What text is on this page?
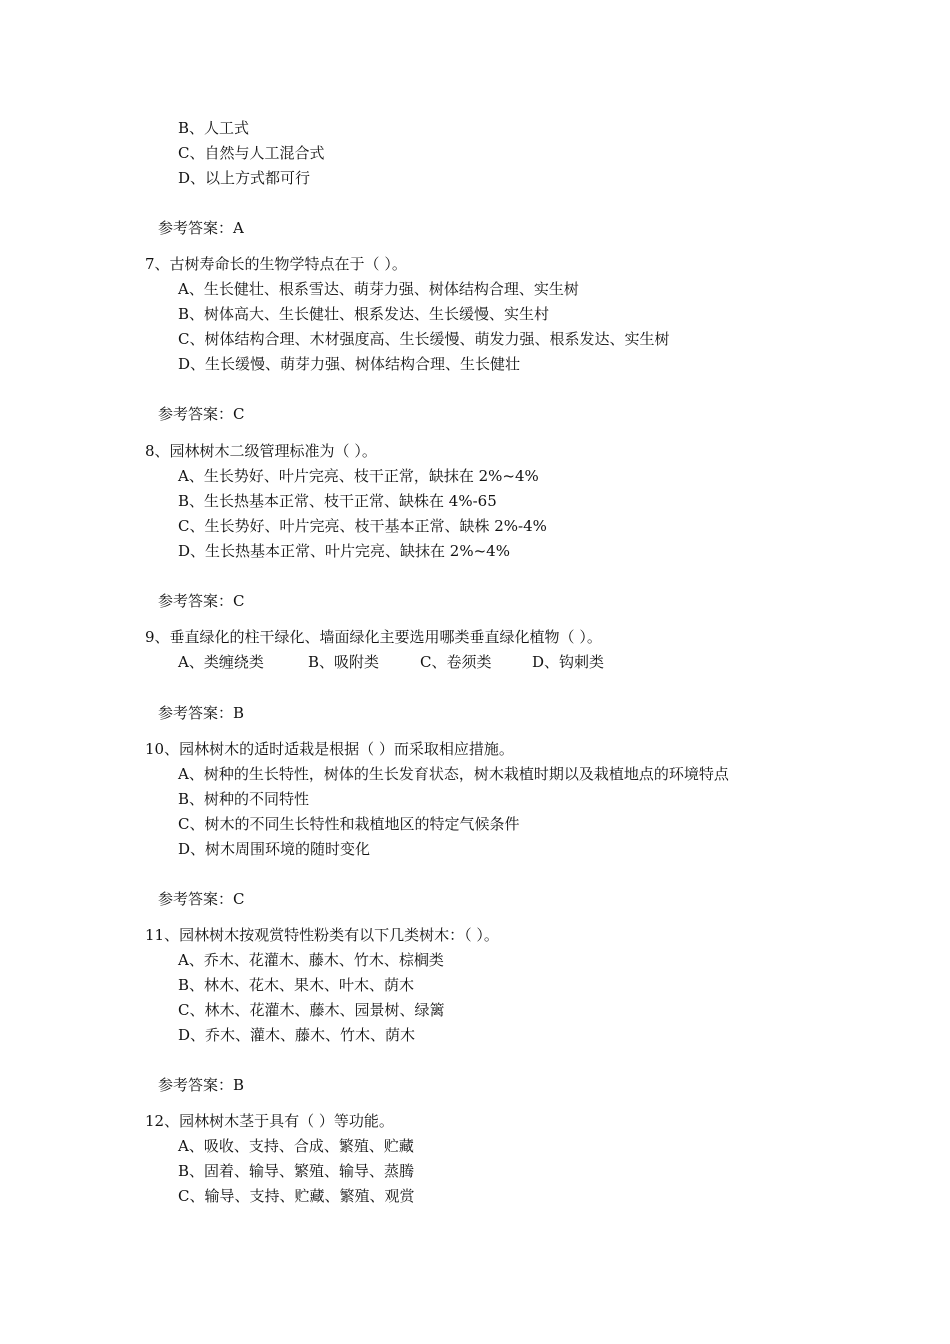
B、人工式
C、自然与人工混合式
D、以上方式都可行
参考答案：A
7、古树寿命长的生物学特点在于（ ）。
A、生长健壮、根系雪达、萌芽力强、树体结构合理、实生树
B、树体高大、生长健壮、根系发达、生长缓慢、实生村
C、树体结构合理、木材强度高、生长缓慢、萌发力强、根系发达、实生树
D、生长缓慢、萌芽力强、树体结构合理、生长健壮
参考答案：C
8、园林树木二级管理标准为（ ）。
A、生长势好、叶片完亮、枝干正常，缺抹在 2%~4%
B、生长热基本正常、枝干正常、缺株在 4%-65
C、生长势好、叶片完亮、枝干基本正常、缺株 2%-4%
D、生长热基本正常、叶片完亮、缺抹在 2%~4%
参考答案：C
9、垂直绿化的柱干绿化、墙面绿化主要选用哪类垂直绿化植物（ ）。
A、类缠绕类	B、吸附类	C、卷须类	D、钩刺类
参考答案：B
10、园林树木的适时适栽是根据（ ）而采取相应措施。
A、树种的生长特性，树体的生长发育状态，树木栽植时期以及栽植地点的环境特点
B、树种的不同特性
C、树木的不同生长特性和栽植地区的特定气候条件
D、树木周围环境的随时变化
参考答案：C
11、园林树木按观赏特性粉类有以下几类树木：（ ）。
A、乔木、花灌木、藤木、竹木、棕榈类
B、林木、花木、果木、叶木、荫木
C、林木、花灌木、藤木、园景树、绿篱
D、乔木、灌木、藤木、竹木、荫木
参考答案：B
12、园林树木茎于具有（ ）等功能。
A、吸收、支持、合成、繁殖、贮藏
B、固着、输导、繁殖、输导、蒸腾
C、输导、支持、贮藏、繁殖、观赏
